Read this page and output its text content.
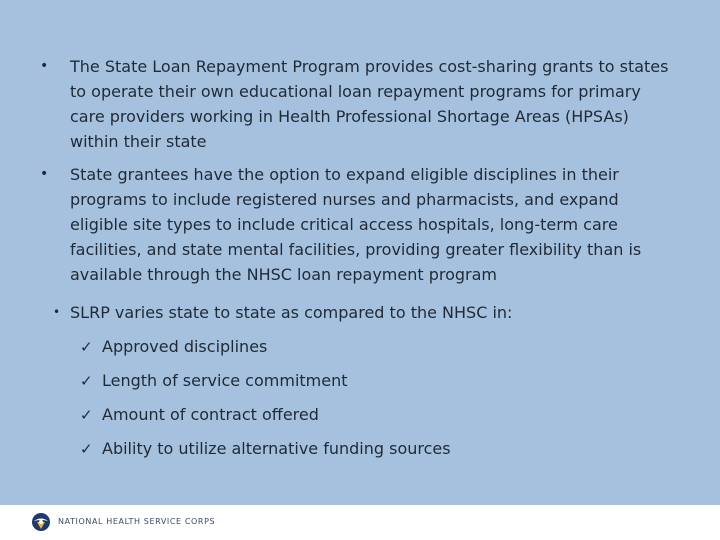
• The State Loan Repayment Program provides cost-sharing grants to states to operate their own educational loan repayment programs for primary care providers working in Health Professional Shortage Areas (HPSAs) within their state
• State grantees have the option to expand eligible disciplines in their programs to include registered nurses and pharmacists, and expand eligible site types to include critical access hospitals, long-term care facilities, and state mental facilities, providing greater flexibility than is available through the NHSC loan repayment program
• SLRP varies state to state as compared to the NHSC in:
✓ Approved disciplines
✓ Length of service commitment
✓ Amount of contract offered
✓ Ability to utilize alternative funding sources
NATIONAL HEALTH SERVICE CORPS
